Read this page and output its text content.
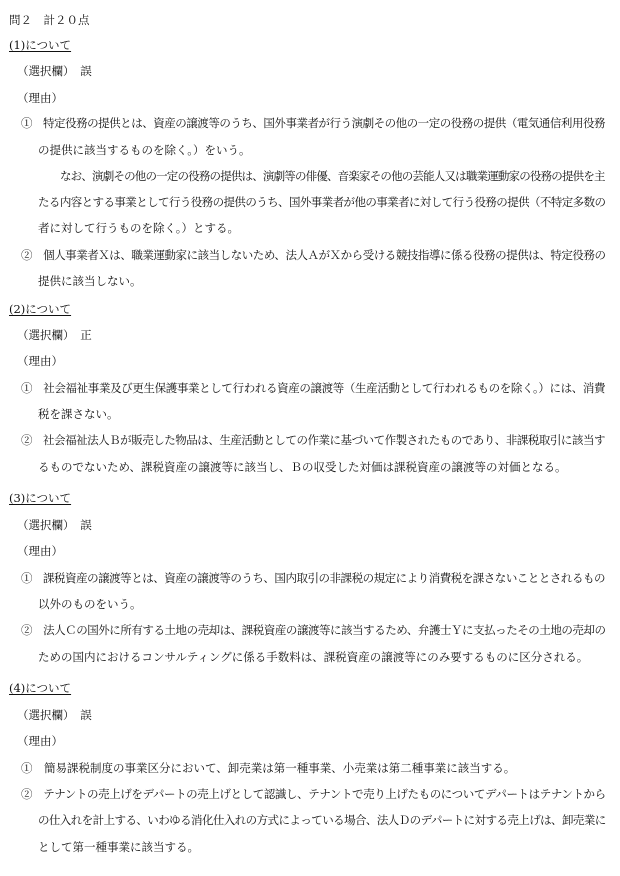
問２　計２０点
(1)について
（選択欄）　誤
（理由）
①　特定役務の提供とは、資産の譲渡等のうち、国外事業者が行う演劇その他の一定の役務の提供（電気通信利用役務
の提供に該当するものを除く。）をいう。
なお、演劇その他の一定の役務の提供は、演劇等の俳優、音楽家その他の芸能人又は職業運動家の役務の提供を主
たる内容とする事業として行う役務の提供のうち、国外事業者が他の事業者に対して行う役務の提供（不特定多数の
者に対して行うものを除く。）とする。
②　個人事業者Ｘは、職業運動家に該当しないため、法人ＡがＸから受ける競技指導に係る役務の提供は、特定役務の
提供に該当しない。
(2)について
（選択欄）　正
（理由）
①　社会福祉事業及び更生保護事業として行われる資産の譲渡等（生産活動として行われるものを除く。）には、消費
税を課さない。
②　社会福祉法人Ｂが販売した物品は、生産活動としての作業に基づいて作製されたものであり、非課税取引に該当す
るものでないため、課税資産の譲渡等に該当し、Ｂの収受した対価は課税資産の譲渡等の対価となる。
(3)について
（選択欄）　誤
（理由）
①　課税資産の譲渡等とは、資産の譲渡等のうち、国内取引の非課税の規定により消費税を課さないこととされるもの
以外のものをいう。
②　法人Ｃの国外に所有する土地の売却は、課税資産の譲渡等に該当するため、弁護士Ｙに支払ったその土地の売却の
ための国内におけるコンサルティングに係る手数料は、課税資産の譲渡等にのみ要するものに区分される。
(4)について
（選択欄）　誤
（理由）
①　簡易課税制度の事業区分において、卸売業は第一種事業、小売業は第二種事業に該当する。
②　テナントの売上げをデパートの売上げとして認識し、テナントで売り上げたものについてデパートはテナントから
の仕入れを計上する、いわゆる消化仕入れの方式によっている場合、法人Ｄのデパートに対する売上げは、卸売業に
として第一種事業に該当する。
